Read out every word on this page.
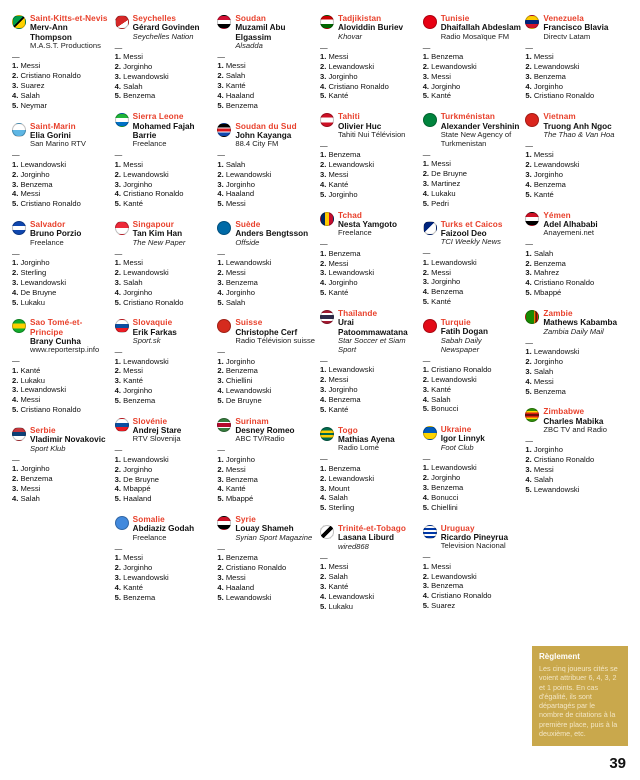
Saint-Kitts-et-Nevis
Merv-Ann Thompson
M.A.S.T. Productions
—
1. Messi
2. Cristiano Ronaldo
3. Suarez
4. Salah
5. Neymar
Saint-Marin
Elia Gorini
San Marino RTV
—
1. Lewandowski
2. Jorginho
3. Benzema
4. Messi
5. Cristiano Ronaldo
Salvador
Bruno Porzio
Freelance
—
1. Jorginho
2. Sterling
3. Lewandowski
4. De Bruyne
5. Lukaku
Sao Tomé-et-Principe
Brany Cunha
www.reporterstp.info
—
1. Kanté
2. Lukaku
3. Lewandowski
4. Messi
5. Cristiano Ronaldo
Serbie
Vladimir Novakovic
Sport Klub
—
1. Jorginho
2. Benzema
3. Messi
4. Salah
Seychelles
Gérard Govinden
Seychelles Nation
—
1. Messi
2. Jorginho
3. Lewandowski
4. Salah
5. Benzema
Sierra Leone
Mohamed Fajah Barrie
Freelance
—
1. Messi
2. Lewandowski
3. Jorginho
4. Cristiano Ronaldo
5. Kanté
Singapour
Tan Kim Han
The New Paper
—
1. Messi
2. Lewandowski
3. Salah
4. Jorginho
5. Cristiano Ronaldo
Slovaquie
Erik Farkas
Sport.sk
—
1. Lewandowski
2. Messi
3. Kanté
4. Jorginho
5. Benzema
Slovénie
Andrej Stare
RTV Slovenija
—
1. Lewandowski
2. Jorginho
3. De Bruyne
4. Mbappé
5. Haaland
Somalie
Abdiaziz Godah
Freelance
—
1. Messi
2. Jorginho
3. Lewandowski
4. Kanté
5. Benzema
Soudan
Muzamil Abu Elgassim
Alsadda
—
1. Messi
2. Salah
3. Kanté
4. Haaland
5. Benzema
Soudan du Sud
John Kayanga
88.4 City FM
—
1. Salah
2. Lewandowski
3. Jorginho
4. Haaland
5. Messi
Suède
Anders Bengtsson
Offside
—
1. Lewandowski
2. Messi
3. Benzema
4. Jorginho
5. Salah
Suisse
Christophe Cerf
Radio Télévision suisse
—
1. Jorginho
2. Benzema
3. Chiellini
4. Lewandowski
5. De Bruyne
Surinam
Desney Romeo
ABC TV/Radio
—
1. Jorginho
2. Messi
3. Benzema
4. Kanté
5. Mbappé
Syrie
Louay Shameh
Syrian Sport Magazine
—
1. Benzema
2. Cristiano Ronaldo
3. Messi
4. Haaland
5. Lewandowski
Tadjikistan
Aloviddin Buriev
Khovar
—
1. Messi
2. Lewandowski
3. Jorginho
4. Cristiano Ronaldo
5. Kanté
Tahiti
Olivier Huc
Tahiti Nui Télévision
—
1. Benzema
2. Lewandowski
3. Messi
4. Kanté
5. Jorginho
Tchad
Nesta Yamgoto
Freelance
—
1. Benzema
2. Messi
3. Lewandowski
4. Jorginho
5. Kanté
Thaïlande
Urai Patoommawatana
Star Soccer et Siam Sport
—
1. Lewandowski
2. Messi
3. Jorginho
4. Benzema
5. Kanté
Togo
Mathias Ayena
Radio Lomé
—
1. Benzema
2. Lewandowski
3. Mount
4. Salah
5. Sterling
Trinité-et-Tobago
Lasana Liburd
wired868
—
1. Messi
2. Salah
3. Kanté
4. Lewandowski
5. Lukaku
Tunisie
Dhaifallah Abdeslam
Radio Mosaïque FM
—
1. Benzema
2. Lewandowski
3. Messi
4. Jorginho
5. Kanté
Turkménistan
Alexander Vershinin
State New Agency of Turkmenistan
—
1. Messi
2. De Bruyne
3. Martinez
4. Lukaku
5. Pedri
Turks et Caicos
Faizool Deo
TCI Weekly News
—
1. Lewandowski
2. Messi
3. Jorginho
4. Benzema
5. Kanté
Turquie
Fatih Dogan
Sabah Daily Newspaper
—
1. Cristiano Ronaldo
2. Lewandowski
3. Kanté
4. Salah
5. Bonucci
Ukraine
Igor Linnyk
Foot Club
—
1. Lewandowski
2. Jorginho
3. Benzema
4. Bonucci
5. Chiellini
Uruguay
Ricardo Pineyrua
Television Nacional
—
1. Messi
2. Lewandowski
3. Benzema
4. Cristiano Ronaldo
5. Suarez
Venezuela
Francisco Blavia
Directv Latam
—
1. Messi
2. Lewandowski
3. Benzema
4. Jorginho
5. Cristiano Ronaldo
Vietnam
Truong Anh Ngoc
The Thao & Van Hoa
—
1. Messi
2. Lewandowski
3. Jorginho
4. Benzema
5. Kanté
Yémen
Adel Alhababi
Anayemeni.net
—
1. Salah
2. Benzema
3. Mahrez
4. Cristiano Ronaldo
5. Mbappé
Zambie
Mathews Kabamba
Zambia Daily Mail
—
1. Lewandowski
2. Jorginho
3. Salah
4. Messi
5. Benzema
Zimbabwe
Charles Mabika
ZBC TV and Radio
—
1. Jorginho
2. Cristiano Ronaldo
3. Messi
4. Salah
5. Lewandowski
Règlement

Les cinq joueurs cités se voient attribuer 6, 4, 3, 2 et 1 points. En cas d'égalité, ils sont départagés par le nombre de citations à la première place, puis à la deuxième, etc.

39
